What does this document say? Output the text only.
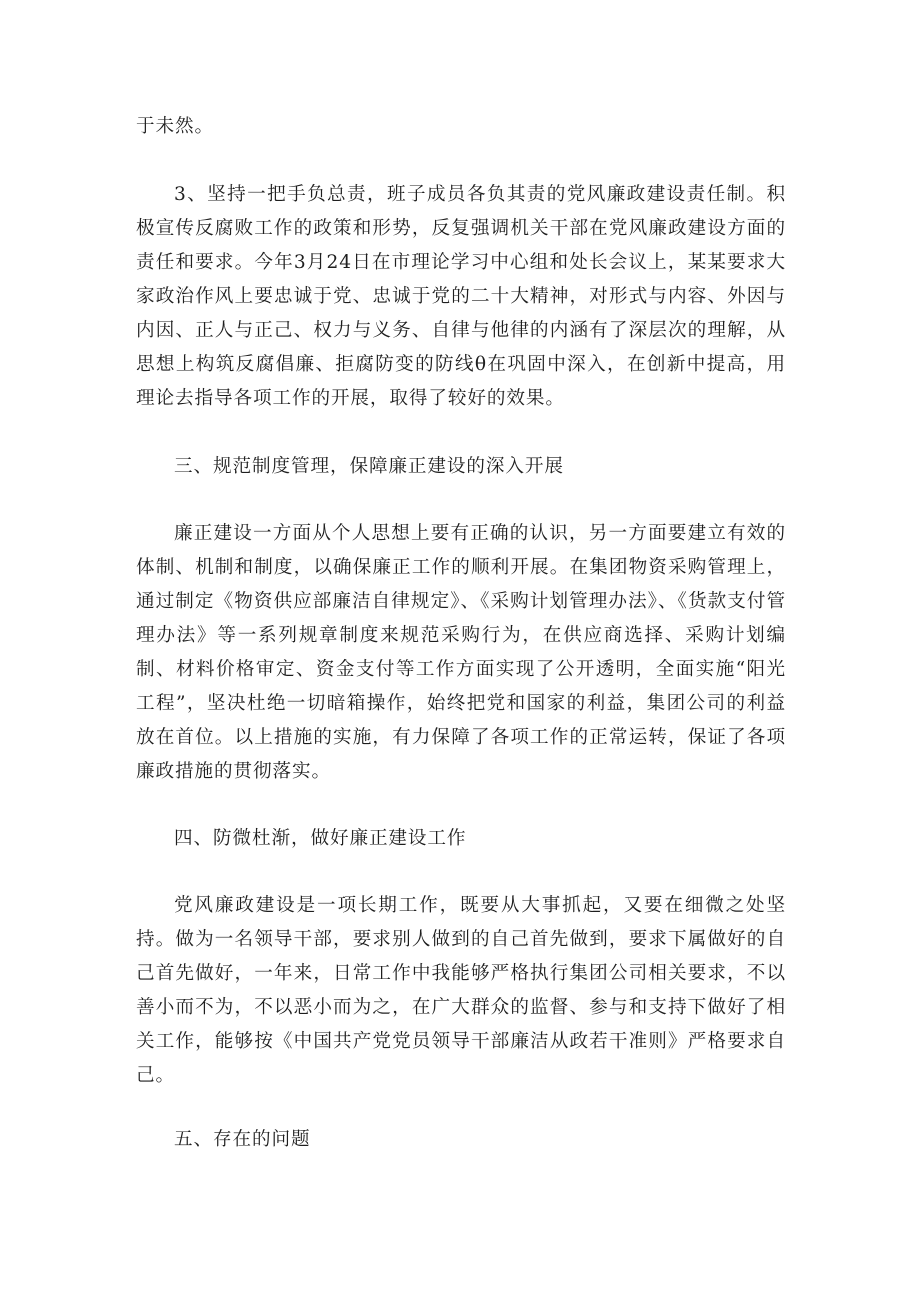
于未然。

3、坚持一把手负总责，班子成员各负其责的党风廉政建设责任制。积极宣传反腐败工作的政策和形势，反复强调机关干部在党风廉政建设方面的责任和要求。今年3月24日在市理论学习中心组和处长会议上，某某要求大家政治作风上要忠诚于党、忠诚于党的二十大精神，对形式与内容、外因与内因、正人与正己、权力与义务、自律与他律的内涵有了深层次的理解，从思想上构筑反腐倡廉、拒腐防变的防线θ在巩固中深入，在创新中提高，用理论去指导各项工作的开展，取得了较好的效果。

三、规范制度管理，保障廉正建设的深入开展

廉正建设一方面从个人思想上要有正确的认识，另一方面要建立有效的体制、机制和制度，以确保廉正工作的顺利开展。在集团物资采购管理上，通过制定《物资供应部廉洁自律规定》、《采购计划管理办法》、《货款支付管理办法》等一系列规章制度来规范采购行为，在供应商选择、采购计划编制、材料价格审定、资金支付等工作方面实现了公开透明，全面实施“阳光工程”，坚决杜绝一切暗箱操作，始终把党和国家的利益，集团公司的利益放在首位。以上措施的实施，有力保障了各项工作的正常运转，保证了各项廉政措施的贯彻落实。

四、防微杜渐，做好廉正建设工作

党风廉政建设是一项长期工作，既要从大事抓起，又要在细微之处坚持。做为一名领导干部，要求别人做到的自己首先做到，要求下属做好的自己首先做好，一年来，日常工作中我能够严格执行集团公司相关要求，不以善小而不为，不以恶小而为之，在广大群众的监督、参与和支持下做好了相关工作，能够按《中国共产党党员领导干部廉洁从政若干准则》严格要求自己。

五、存在的问题
